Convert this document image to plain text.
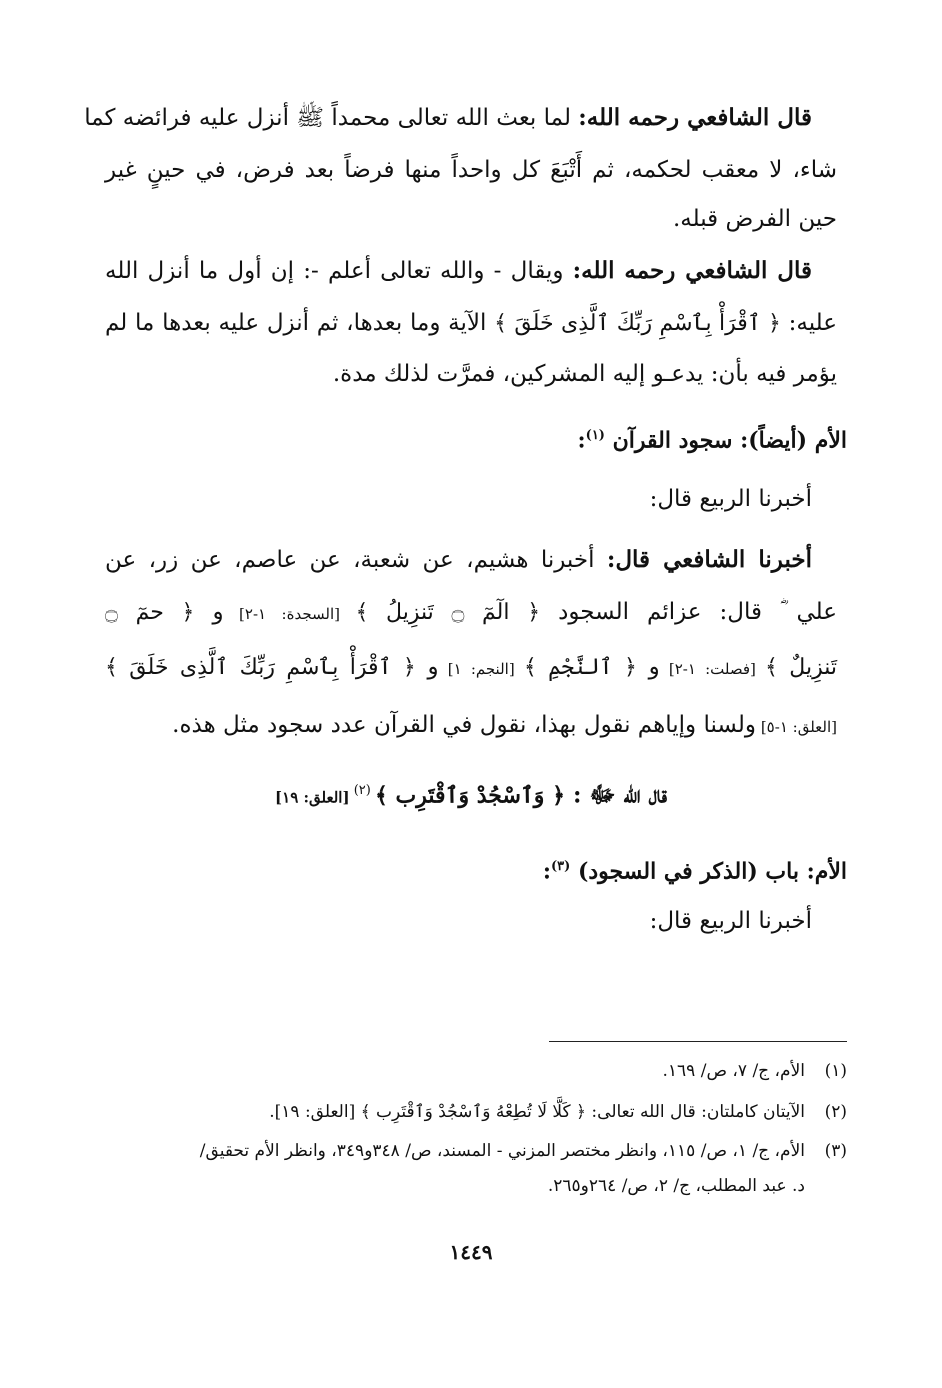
قال الشافعي رحمه الله: لما بعث الله تعالى محمداً ﷺ أنزل عليه فرائضه كما
شاء، لا معقب لحكمه، ثم أَتْبَعَ كل واحداً منها فرضاً بعد فرض، في حينٍ غير
حين الفرض قبله.
قال الشافعي رحمه الله: ويقال - والله تعالى أعلم -: إن أول ما أنزل الله
عليه: ﴿ ٱقْرَأْ بِٱسْمِ رَبِّكَ ٱلَّذِى خَلَقَ ﴾ الآية وما بعدها، ثم أنزل عليه بعدها ما لم
يؤمر فيه بأن: يدعـو إليه المشركين، فمرَّت لذلك مدة.
الأم (أيضاً): سجود القرآن $^{(١)}$:
أخبرنا الربيع قال:
أخبرنا الشافعي قال: أخبرنا هشيم، عن شعبة، عن عاصم، عن زر، عن
علي ؓ قال: عزائم السجود ﴿ الٓمٓ ۝ تَنزِيلُ ﴾ [السجدة: ١-٢] و ﴿ حمٓ ۝
تَنزِيلٌ ﴾ [فصلت: ١-٢] و ﴿ ٱلنَّجْمِ ﴾ [النجم: ١] و ﴿ ٱقْرَأْ بِٱسْمِ رَبِّكَ ٱلَّذِى خَلَقَ ﴾
[العلق: ١-٥] ولسنا وإياهم نقول بهذا، نقول في القرآن عدد سجود مثل هذه.
قال الله ﷻ : ﴿ وَٱسْجُدْ وَٱقْتَرِب ﴾ $^{(٢)}$ [العلق: ١٩]
الأم: باب (الذكر في السجود) $^{(٣)}$:
أخبرنا الربيع قال:
(١)الأم، ج/ ٧، ص/ ١٦٩.
(٢)الآيتان كاملتان: قال الله تعالى: ﴿ كَلَّا لَا تُطِعْهُ وَٱسْجُدْ وَٱقْتَرِب ﴾ [العلق: ١٩].
(٣)الأم، ج/ ١، ص/ ١١٥، وانظر مختصر المزني - المسند، ص/ ٣٤٨و٣٤٩، وانظر الأم تحقيق/
د. عبد المطلب، ج/ ٢، ص/ ٢٦٤و٢٦٥.
١٤٤٩
